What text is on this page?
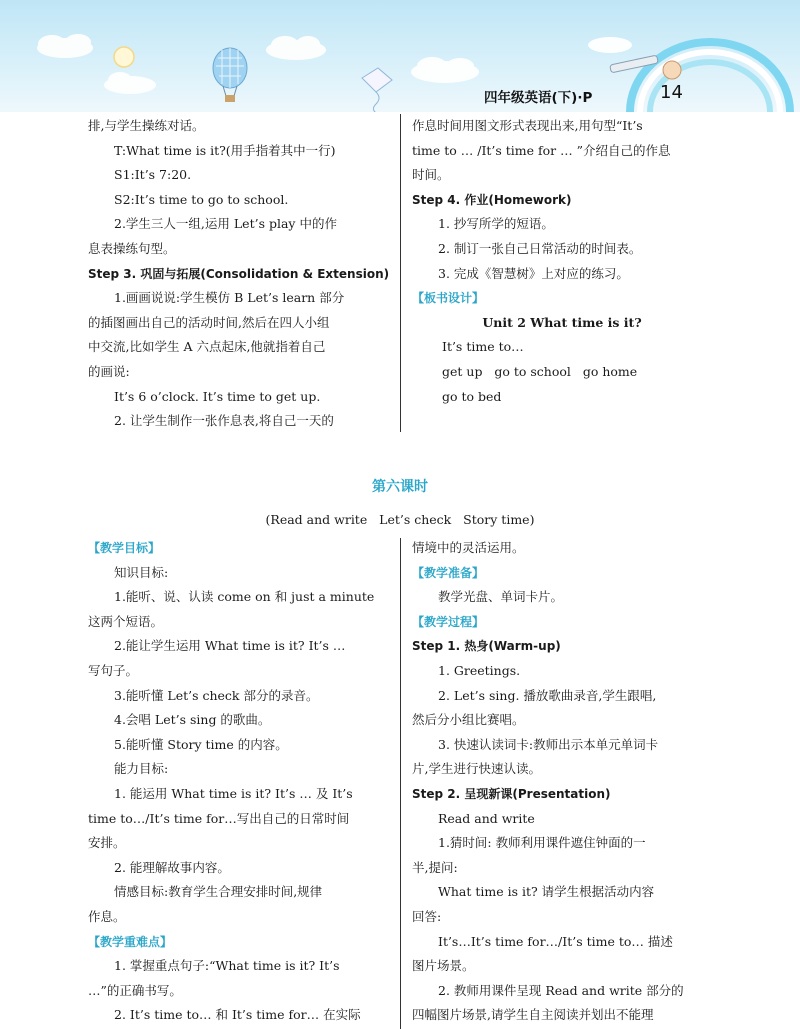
四年级英语(下)·P	14
排,与学生操练对话。
T:What time is it?(用手指着其中一行)
S1:It’s 7:20.
S2:It’s time to go to school.
2.学生三人一组,运用 Let’s play 中的作
息表操练句型。
Step 3. 巩固与拓展(Consolidation & Extension)
1.画画说说:学生模仿 B Let’s learn 部分
的插图画出自己的活动时间,然后在四人小组
中交流,比如学生 A 六点起床,他就指着自己
的画说:
It’s 6 o’clock. It’s time to get up.
2. 让学生制作一张作息表,将自己一天的
作息时间用图文形式表现出来,用句型“It’s
time to … /It’s time for … ”介绍自己的作息
时间。
Step 4. 作业(Homework)
1. 抄写所学的短语。
2. 制订一张自己日常活动的时间表。
3. 完成《智慧树》上对应的练习。
【板书设计】
Unit 2 What time is it?
It’s time to…
get up   go to school   go home
go to bed
第六课时
(Read and write   Let’s check   Story time)
【教学目标】
知识目标:
1.能听、说、认读 come on 和 just a minute
这两个短语。
2.能让学生运用 What time is it? It’s …
写句子。
3.能听懂 Let’s check 部分的录音。
4.会唱 Let’s sing 的歌曲。
5.能听懂 Story time 的内容。
能力目标:
1. 能运用 What time is it? It’s … 及 It’s
time to…/It’s time for…写出自己的日常时间
安排。
2. 能理解故事内容。
情感目标:教育学生合理安排时间,规律
作息。
【教学重难点】
1. 掌握重点句子:“What time is it? It’s
…”的正确书写。
2. It’s time to… 和 It’s time for… 在实际
情境中的灵活运用。
【教学准备】
教学光盘、单词卡片。
【教学过程】
Step 1. 热身(Warm-up)
1. Greetings.
2. Let’s sing. 播放歌曲录音,学生跟唱,
然后分小组比赛唱。
3. 快速认读词卡:教师出示本单元单词卡
片,学生进行快速认读。
Step 2. 呈现新课(Presentation)
Read and write
1.猜时间: 教师利用课件遮住钟面的一
半,提问:
What time is it? 请学生根据活动内容
回答:
It’s…It’s time for…/It’s time to… 描述
图片场景。
2. 教师用课件呈现 Read and write 部分的
四幅图片场景,请学生自主阅读并划出不能理
